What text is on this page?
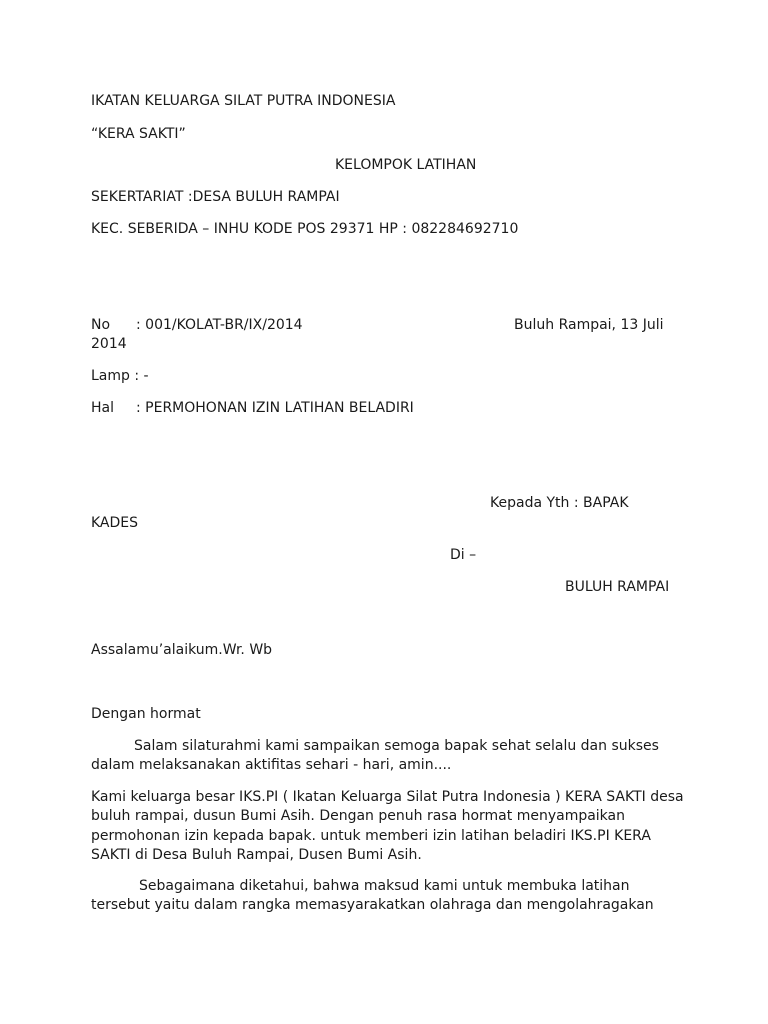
IKATAN KELUARGA SILAT PUTRA INDONESIA

“KERA SAKTI”

KELOMPOK LATIHAN

SEKERTARIAT :DESA BULUH RAMPAI

KEC. SEBERIDA – INHU KODE POS 29371 HP : 082284692710

No : 001/KOLAT-BR/IX/2014	Buluh Rampai, 13 Juli

2014

Lamp : -

Hal : PERMOHONAN IZIN LATIHAN BELADIRI

Kepada Yth : BAPAK

KADES

Di –

BULUH RAMPAI

Assalamu’alaikum.Wr. Wb

Dengan hormat

Salam silaturahmi kami sampaikan semoga bapak sehat selalu dan sukses dalam melaksanakan aktifitas sehari - hari, amin....

Kami keluarga besar IKS.PI ( Ikatan Keluarga Silat Putra Indonesia ) KERA SAKTI desa buluh rampai, dusun Bumi Asih. Dengan penuh rasa hormat menyampaikan permohonan izin kepada bapak. untuk memberi izin latihan beladiri IKS.PI KERA SAKTI di Desa Buluh Rampai, Dusen Bumi Asih.

Sebagaimana diketahui, bahwa maksud kami untuk membuka latihan tersebut yaitu dalam rangka memasyarakatkan olahraga dan mengolahragakan
